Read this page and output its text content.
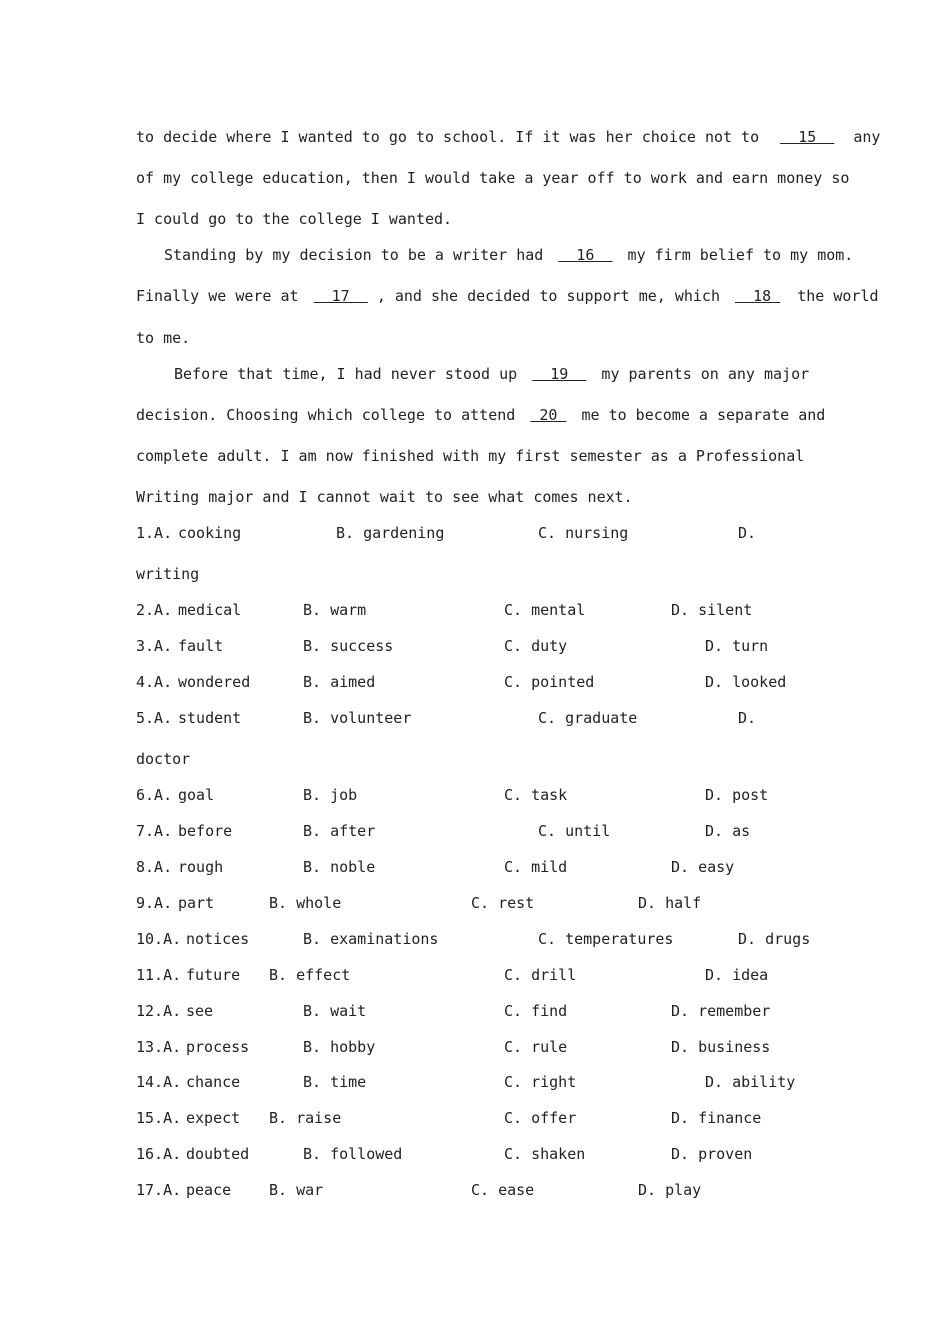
to decide where I wanted to go to school. If it was her choice not to   15   any
of my college education, then I would take a year off to work and earn money so
I could go to the college I wanted.
Standing by my decision to be a writer had   16   my firm belief to my mom.
Finally we were at   17   , and she decided to support me, which   18  the world
to me.
Before that time, I had never stood up   19   my parents on any major
decision. Choosing which college to attend  20  me to become a separate and
complete adult. I am now finished with my first semester as a Professional
Writing major and I cannot wait to see what comes next.
1.A. cooking	B. gardening	C. nursing	D.
writing
2.A. medical	B. warm	C. mental	D. silent
3.A. fault	B. success	C. duty	D. turn
4.A. wondered	B. aimed	C. pointed	D. looked
5.A. student	B. volunteer	C. graduate	D.
doctor
6.A. goal	B. job	C. task	D. post
7.A. before	B. after	C. until	D. as
8.A. rough	B. noble	C. mild	D. easy
9.A. part	B. whole	C. rest	D. half
10.A. notices	B. examinations	C. temperatures	D. drugs
11.A. future B. effect	C. drill	D. idea
12.A. see	B. wait	C. find	D. remember
13.A. process	B. hobby	C. rule	D. business
14.A. chance	B. time	C. right	D. ability
15.A. expect B. raise	C. offer	D. finance
16.A. doubted	B. followed	C. shaken	D. proven
17.A. peace	B. war	C. ease	D. play
